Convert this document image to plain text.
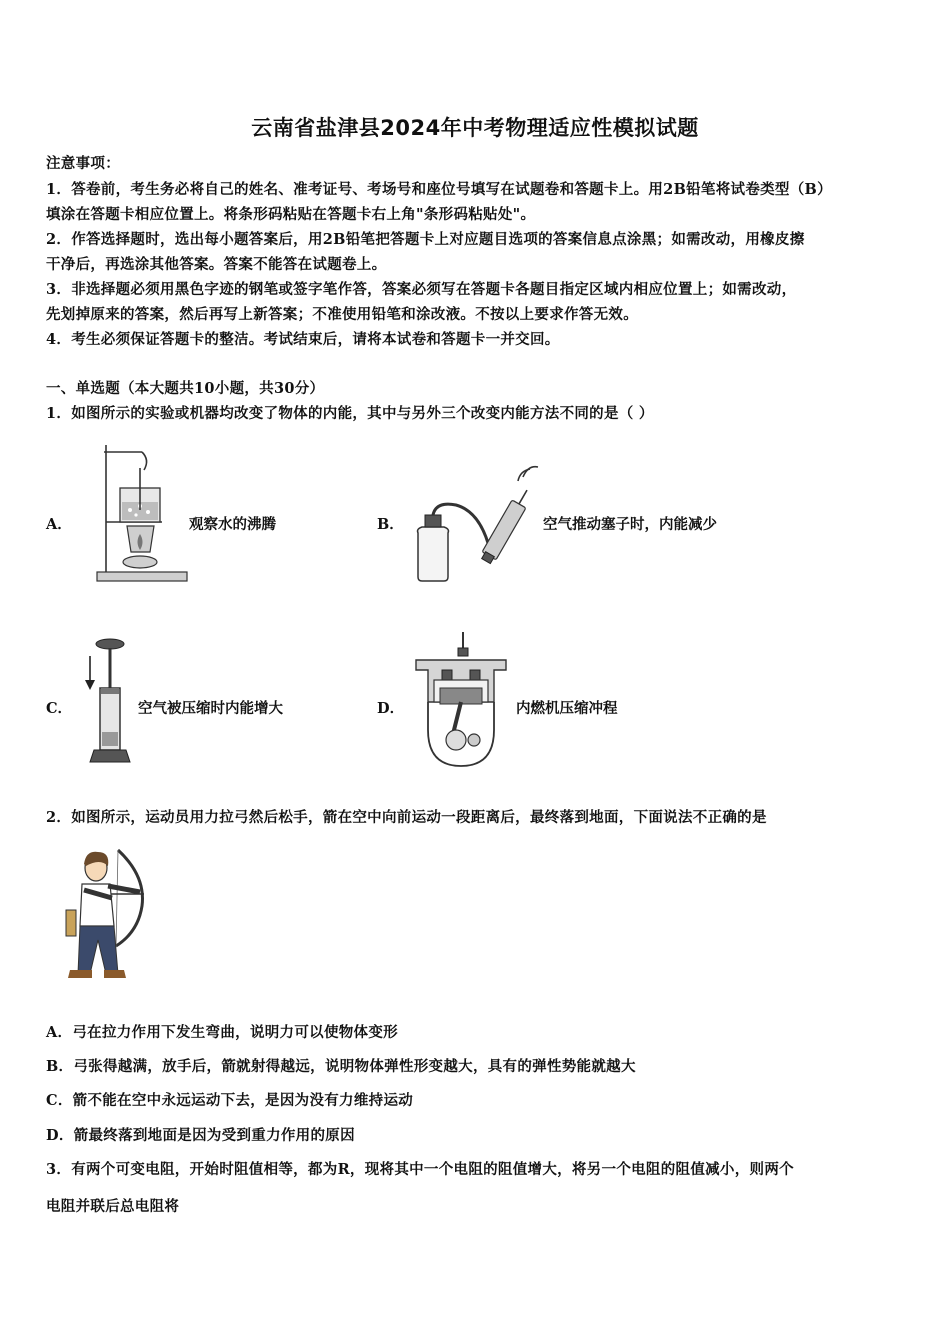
云南省盐津县2024年中考物理适应性模拟试题
注意事项：
1．答卷前，考生务必将自己的姓名、准考证号、考场号和座位号填写在试题卷和答题卡上。用2B铅笔将试卷类型（B）
填涂在答题卡相应位置上。将条形码粘贴在答题卡右上角"条形码粘贴处"。
2．作答选择题时，选出每小题答案后，用2B铅笔把答题卡上对应题目选项的答案信息点涂黑；如需改动，用橡皮擦
干净后，再选涂其他答案。答案不能答在试题卷上。
3．非选择题必须用黑色字迹的钢笔或签字笔作答，答案必须写在答题卡各题目指定区域内相应位置上；如需改动，
先划掉原来的答案，然后再写上新答案；不准使用铅笔和涂改液。不按以上要求作答无效。
4．考生必须保证答题卡的整洁。考试结束后，请将本试卷和答题卡一并交回。
一、单选题（本大题共10小题，共30分）
1．如图所示的实验或机器均改变了物体的内能，其中与另外三个改变内能方法不同的是（ ）
A．	观察水的沸腾	B．	空气推动塞子时，内能减少
C．	空气被压缩时内能增大	D．	内燃机压缩冲程
2．如图所示，运动员用力拉弓然后松手，箭在空中向前运动一段距离后，最终落到地面，下面说法不正确的是
A．弓在拉力作用下发生弯曲，说明力可以使物体变形
B．弓张得越满，放手后，箭就射得越远，说明物体弹性形变越大，具有的弹性势能就越大
C．箭不能在空中永远运动下去，是因为没有力维持运动
D．箭最终落到地面是因为受到重力作用的原因
3．有两个可变电阻，开始时阻值相等，都为R，现将其中一个电阻的阻值增大，将另一个电阻的阻值减小，则两个
电阻并联后总电阻将
